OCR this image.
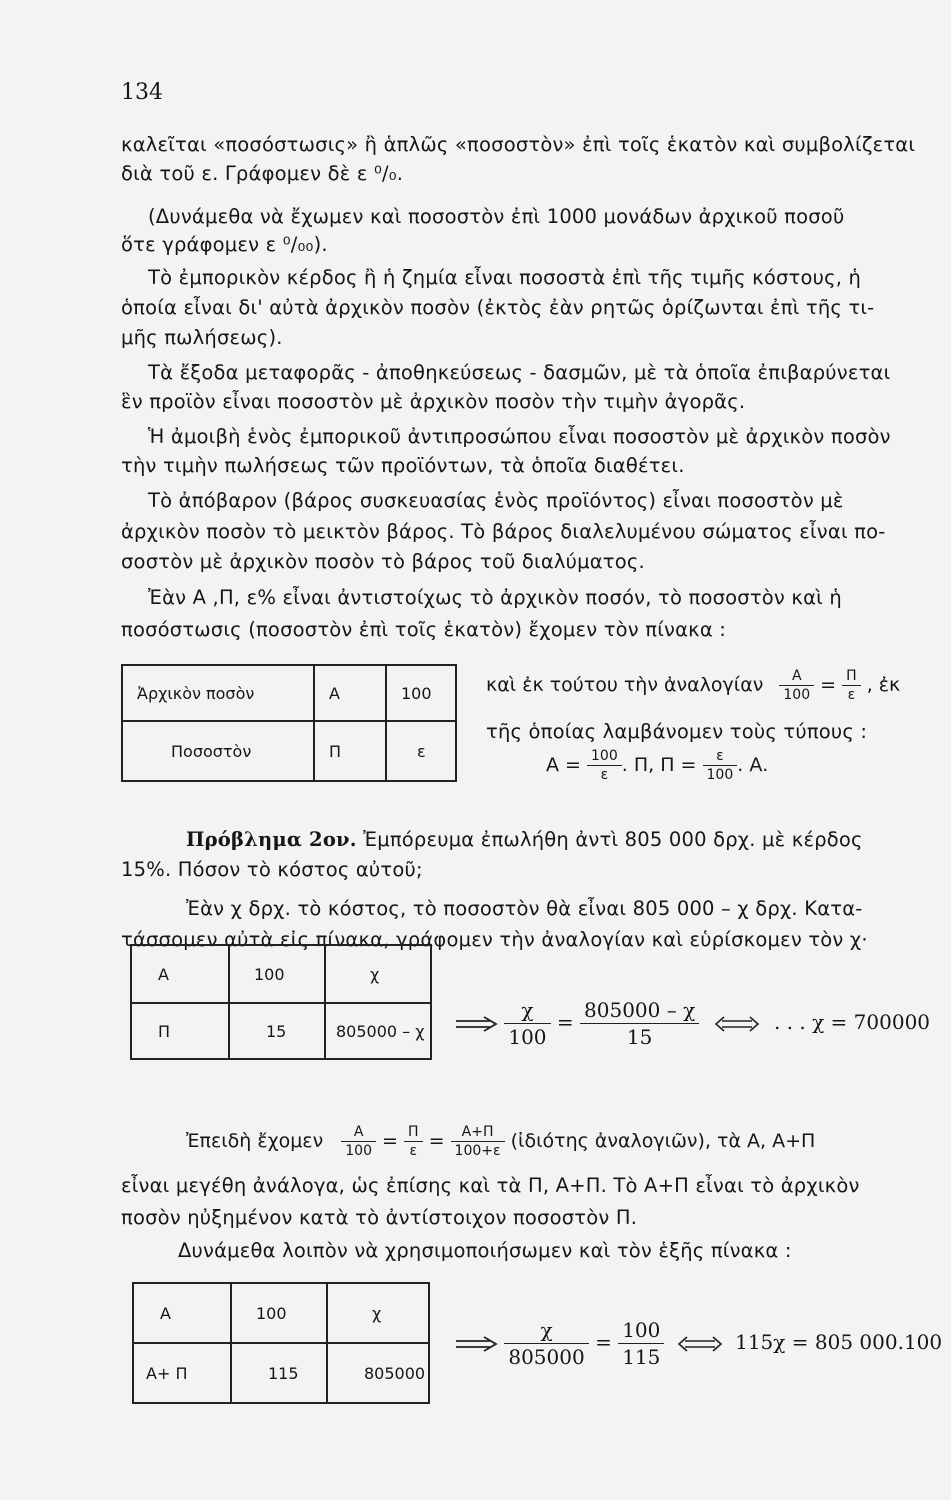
134
καλεῖται «ποσόστωσις» ἢ ἁπλῶς «ποσοστὸν» ἐπὶ τοῖς ἑκατὸν καὶ συμβολίζεται
διὰ τοῦ ε. Γράφομεν δὲ ε ⁰/₀.
(Δυνάμεθα νὰ ἔχωμεν καὶ ποσοστὸν ἐπὶ 1000 μονάδων ἀρχικοῦ ποσοῦ
ὅτε γράφομεν ε ⁰/₀₀).
Τὸ ἐμπορικὸν κέρδος ἢ ἡ ζημία εἶναι ποσοστὰ ἐπὶ τῆς τιμῆς κόστους, ἡ
ὁποία εἶναι δι' αὐτὰ ἀρχικὸν ποσὸν (ἐκτὸς ἐὰν ρητῶς ὁρίζωνται ἐπὶ τῆς τι-
μῆς πωλήσεως).
Τὰ ἔξοδα μεταφορᾶς - ἀποθηκεύσεως - δασμῶν, μὲ τὰ ὁποῖα ἐπιβαρύνεται
ἓν προϊὸν εἶναι ποσοστὸν μὲ ἀρχικὸν ποσὸν τὴν τιμὴν ἀγορᾶς.
Ἡ ἀμοιβὴ ἑνὸς ἐμπορικοῦ ἀντιπροσώπου εἶναι ποσοστὸν μὲ ἀρχικὸν ποσὸν
τὴν τιμὴν πωλήσεως τῶν προϊόντων, τὰ ὁποῖα διαθέτει.
Τὸ ἀπόβαρον (βάρος συσκευασίας ἑνὸς προϊόντος) εἶναι ποσοστὸν μὲ
ἀρχικὸν ποσὸν τὸ μεικτὸν βάρος. Τὸ βάρος διαλελυμένου σώματος εἶναι πο-
σοστὸν μὲ ἀρχικὸν ποσὸν τὸ βάρος τοῦ διαλύματος.
Ἐὰν Α ,Π, ε% εἶναι ἀντιστοίχως τὸ ἀρχικὸν ποσόν, τὸ ποσοστὸν καὶ ἡ
ποσόστωσις (ποσοστὸν ἐπὶ τοῖς ἑκατὸν) ἔχομεν τὸν πίνακα :
Ἀρχικὸν ποσὸν	Α	100
Ποσοστὸν	Π	ε
καὶ ἐκ τούτου τὴν ἀναλογίαν $\frac{A}{100} = \frac{\Pi}{\varepsilon}$ , ἐκ
τῆς ὁποίας λαμβάνομεν τοὺς τύπους :
$A = \frac{100}{\varepsilon}$ . Π, $\Pi = \frac{\varepsilon}{100}$ . Α.
Πρόβλημα 2ον. Ἐμπόρευμα ἐπωλήθη ἀντὶ 805 000 δρχ. μὲ κέρδος
15%. Πόσον τὸ κόστος αὐτοῦ;
Ἐὰν χ δρχ. τὸ κόστος, τὸ ποσοστὸν θὰ εἶναι 805 000 – χ δρχ. Κατα-
τάσσομεν αὐτὰ εἰς πίνακα, γράφομεν τὴν ἀναλογίαν καὶ εὑρίσκομεν τὸν χ·
Α	100	χ
Π	15	805000 – χ
	$\frac{\chi}{100} = \frac{805000 - \chi}{15}$	. . . χ = 700000
Ἐπειδὴ ἔχομεν $\frac{A}{100} = \frac{\Pi}{\varepsilon} = \frac{A+\Pi}{100+\varepsilon}$ (ἰδιότης ἀναλογιῶν), τὰ Α, Α+Π
εἶναι μεγέθη ἀνάλογα, ὡς ἐπίσης καὶ τὰ Π, Α+Π. Τὸ Α+Π εἶναι τὸ ἀρχικὸν
ποσὸν ηὐξημένον κατὰ τὸ ἀντίστοιχον ποσοστὸν Π.
Δυνάμεθα λοιπὸν νὰ χρησιμοποιήσωμεν καὶ τὸν ἑξῆς πίνακα :
Α	100	χ
Α+ Π	115	805000

$\frac{\chi}{805000} = \frac{100}{115}$	115χ = 805 000.100
